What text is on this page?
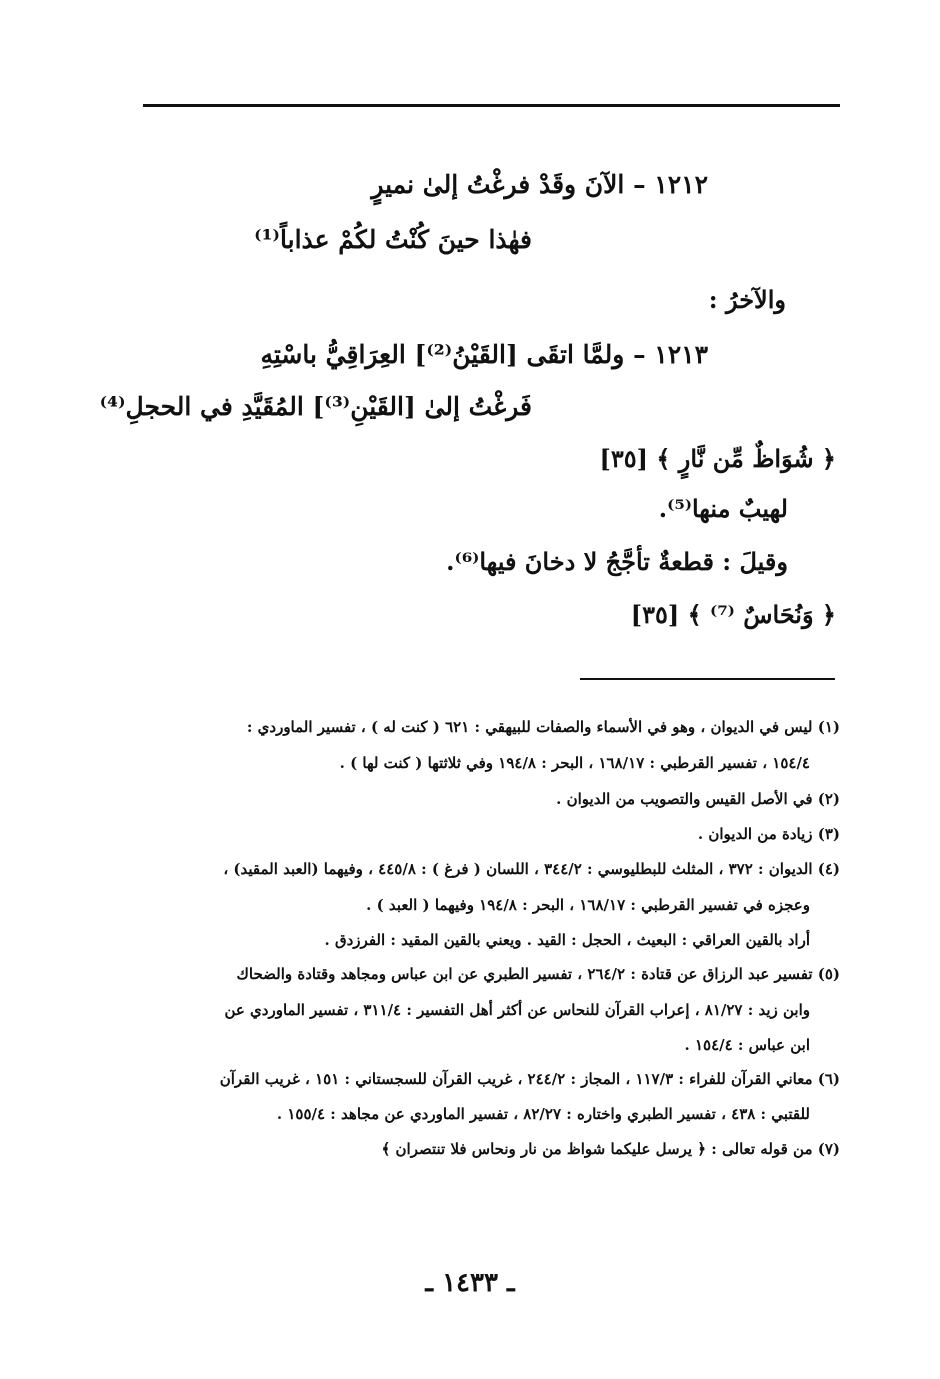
١٢١٢ – الآنَ وقَدْ فرغْتُ إلىٰ نميرٍ
فهٰذا حينَ كُنْتُ لكُمْ عذاباً⁽¹⁾
والآخرُ :
١٢١٣ – ولمَّا اتقَى [القَيْنُ⁽²⁾] العِرَاقِيُّ باسْتِهِ
فَرغْتُ إلىٰ [القَيْنِ⁽³⁾] المُقَيَّدِ في الحجلِ⁽⁴⁾
﴿ شُوَاظٌ مِّن نَّارٍ ﴾ [٣٥]
لهيبٌ منها⁽⁵⁾.
وقيلَ : قطعةٌ تأجَّجُ لا دخانَ فيها⁽⁶⁾.
﴿ وَنُحَاسٌ ⁽⁷⁾ ﴾ [٣٥]
(١) ليس في الديوان ، وهو في الأسماء والصفات للبيهقي : ٦٢١ ( كنت له ) ، تفسير الماوردي :
١٥٤/٤ ، تفسير القرطبي : ١٦٨/١٧ ، البحر : ١٩٤/٨ وفي ثلاثتها ( كنت لها ) .
(٢) في الأصل القيس والتصويب من الديوان .
(٣) زيادة من الديوان .
(٤) الديوان : ٣٧٢ ، المثلث للبطليوسي : ٣٤٤/٢ ، اللسان ( فرغ ) : ٤٤٥/٨ ، وفيهما (العبد المقيد) ،
وعجزه في تفسير القرطبي : ١٦٨/١٧ ، البحر : ١٩٤/٨ وفيهما ( العبد ) .
أراد بالقين العراقي : البعيث ، الحجل : القيد . ويعني بالقين المقيد : الفرزدق .
(٥) تفسير عبد الرزاق عن قتادة : ٢٦٤/٢ ، تفسير الطبري عن ابن عباس ومجاهد وقتادة والضحاك
وابن زيد : ٨١/٢٧ ، إعراب القرآن للنحاس عن أكثر أهل التفسير : ٣١١/٤ ، تفسير الماوردي عن
ابن عباس : ١٥٤/٤ .
(٦) معاني القرآن للفراء : ١١٧/٣ ، المجاز : ٢٤٤/٢ ، غريب القرآن للسجستاني : ١٥١ ، غريب القرآن
للقتبي : ٤٣٨ ، تفسير الطبري واختاره : ٨٢/٢٧ ، تفسير الماوردي عن مجاهد : ١٥٥/٤ .
(٧) من قوله تعالى : ﴿ يرسل عليكما شواظ من نار ونحاس فلا تنتصران ﴾
ـ ١٤٣٣ ـ
